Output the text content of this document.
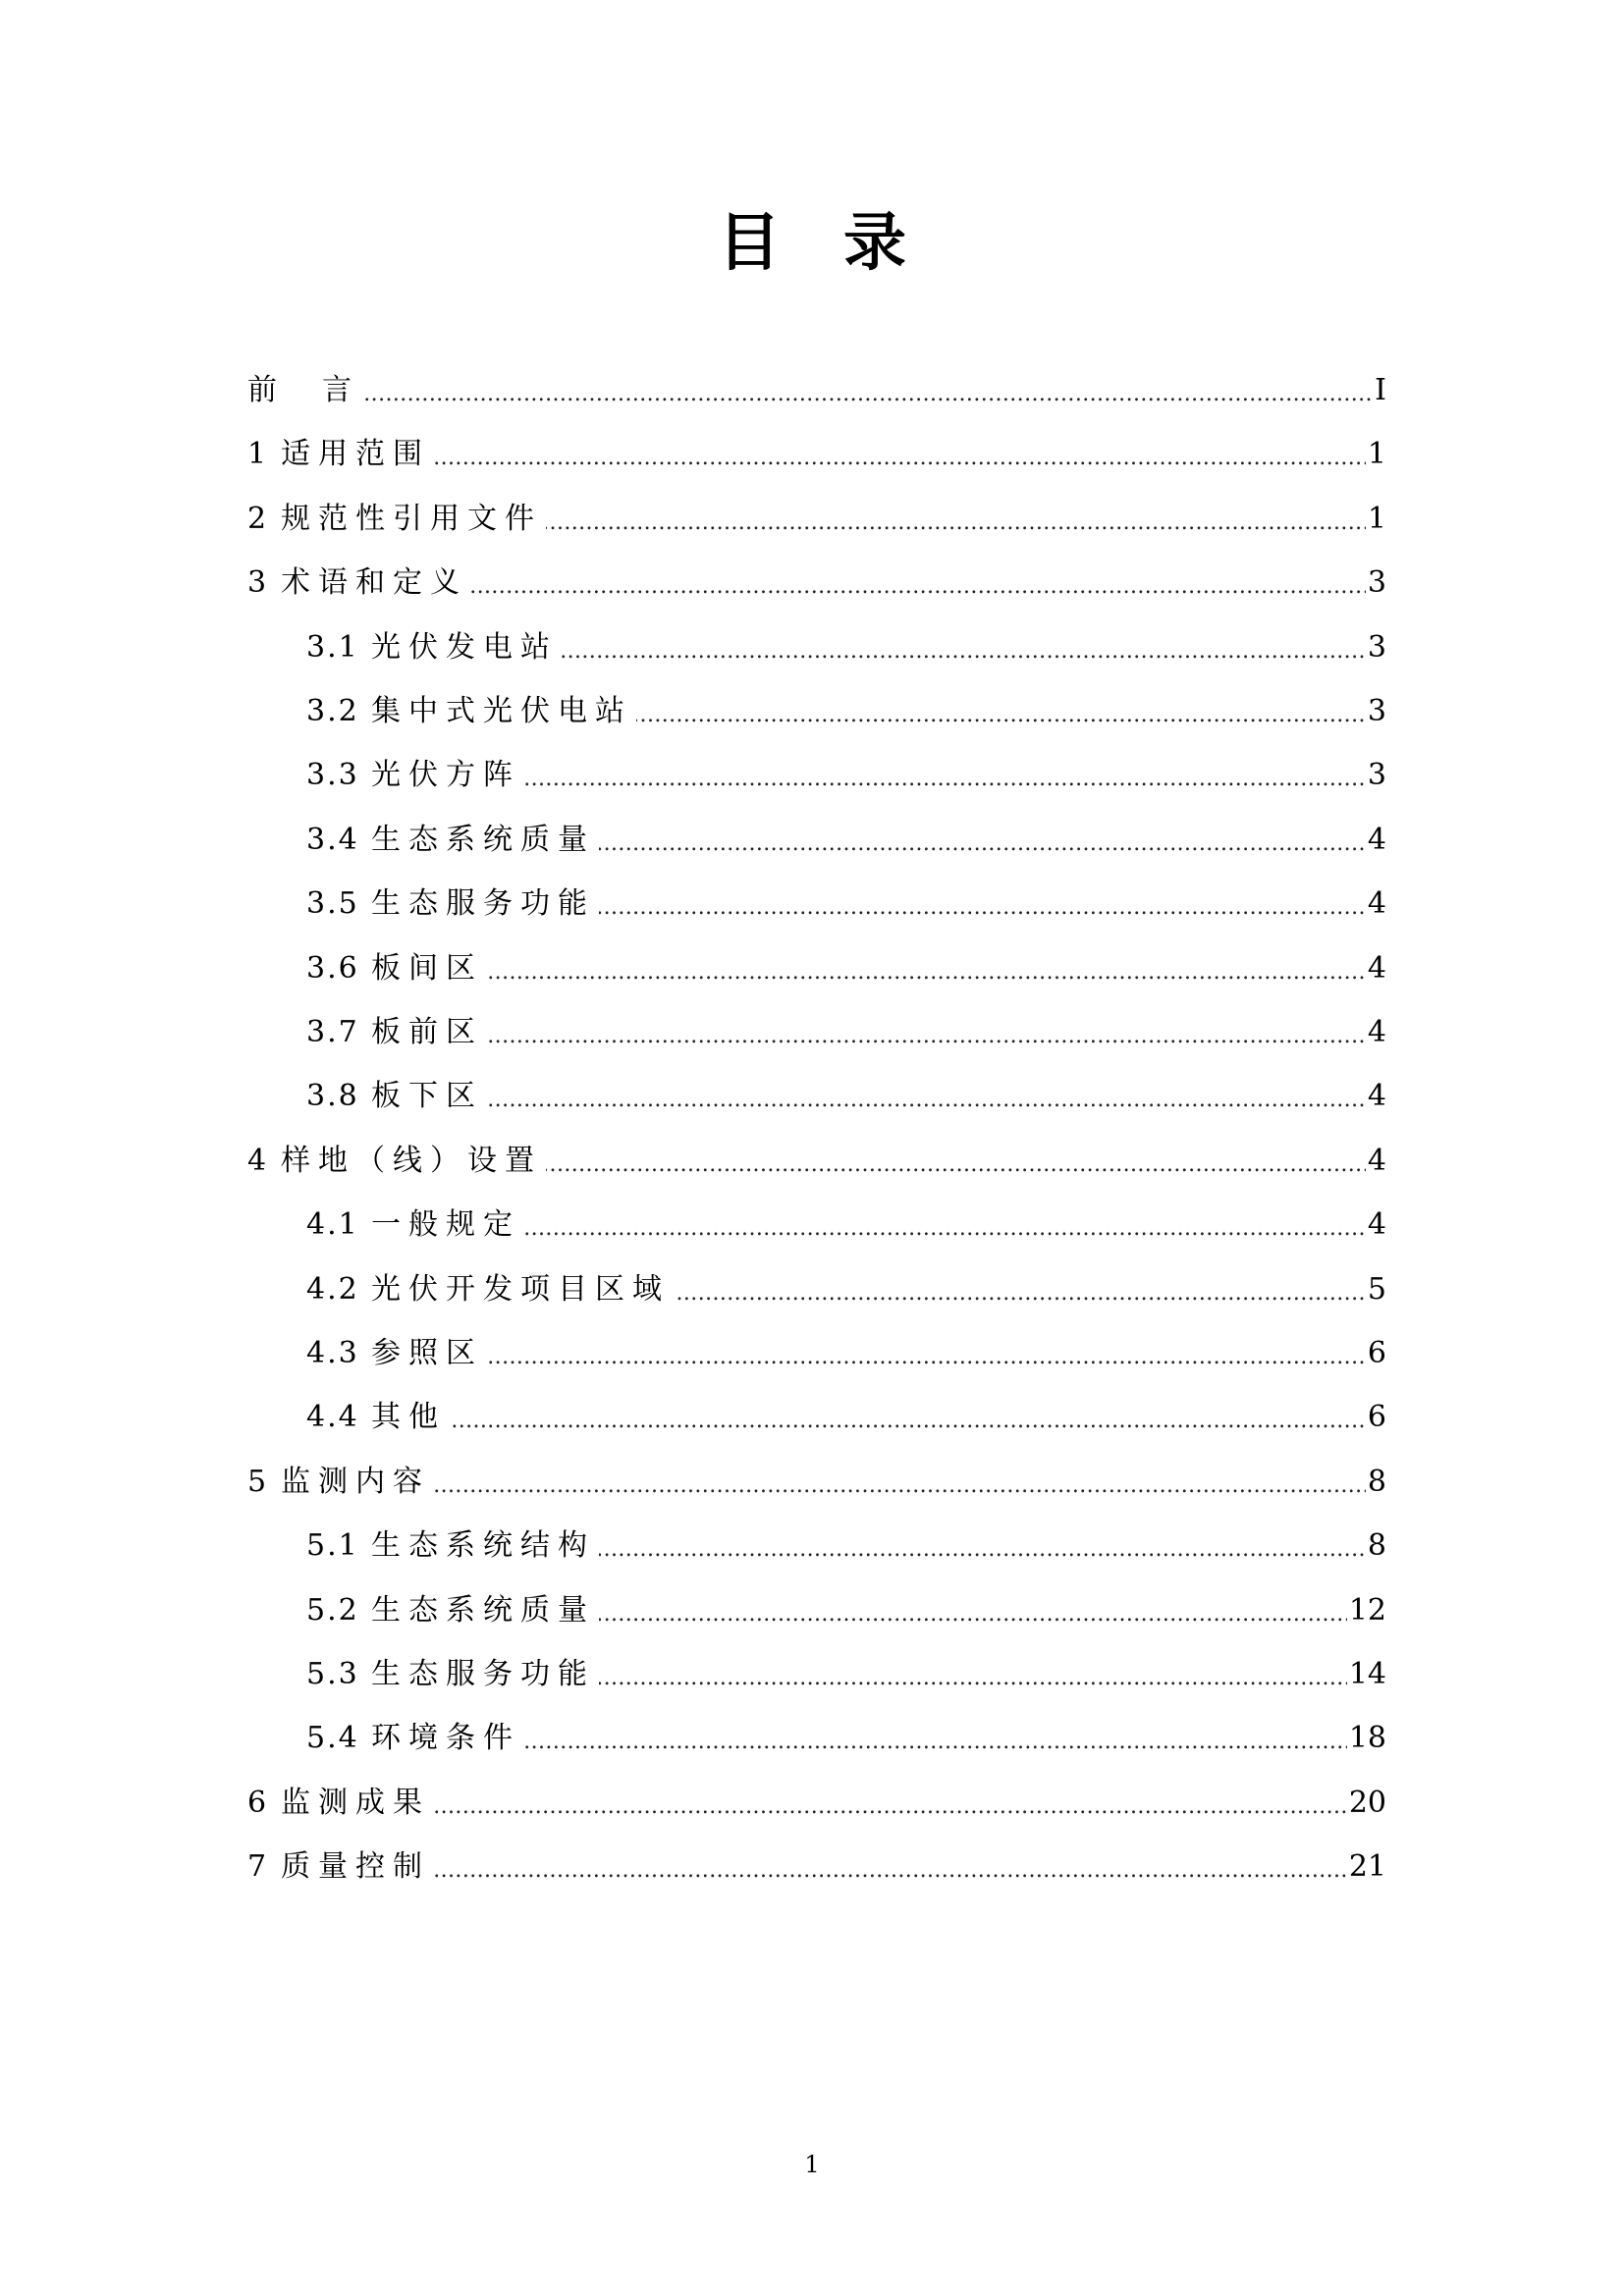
目 录
.....
前　言	I
1 ..... 适用范围	1
2 ..... 规范性引用文件	1
3 ..... 术语和定义	3
3.1 ..... 光伏发电站	3
3.2 ..... 集中式光伏电站	3
3.3 ..... 光伏方阵	3
3.4 ..... 生态系统质量	4
3.5 ..... 生态服务功能	4
3.6 ..... 板间区	4
3.7 ..... 板前区	4
3.8 ..... 板下区	4
4 ..... 样地（线）设置	4
4.1 ..... 一般规定	4
4.2 ..... 光伏开发项目区域	5
4.3 ..... 参照区	6
4.4 ..... 其他	6
5 ..... 监测内容	8
5.1 ..... 生态系统结构	8
5.2 ..... 生态系统质量	12
5.3 ..... 生态服务功能	14
5.4 ..... 环境条件	18
6 ..... 监测成果	20
7 ..... 质量控制	21
1
